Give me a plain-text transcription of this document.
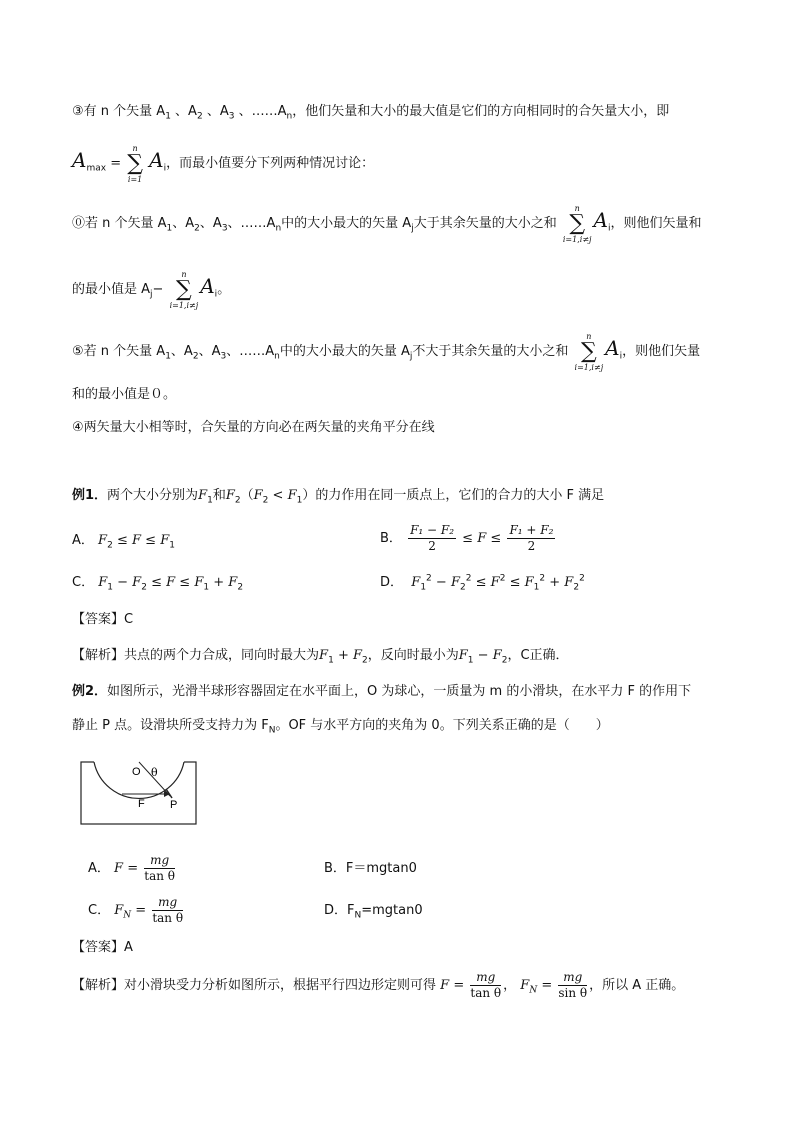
③有 n 个矢量 $A_1$ 、$A_2$ 、$A_3$ 、$\dots\dots A_n$，他们矢量和大小的最大值是它们的方向相同时的合矢量大小，即
$A_{max}$ =
n
∑
i=1
$A_i$，而最小值要分下列两种情况讨论：
⓪若 n 个矢量 $A_1$、$A_2$、$A_3$、$\dots\dots A_n$中的大小最大的矢量 $A_j$大于其余矢量的大小之和
n
∑
i=1,i≠j
$A_i$，则他们矢量和
的最小值是 $A_j-$
n
∑
i=1,i≠j
$A_i$。
⑤若 n 个矢量 $A_1$、$A_2$、$A_3$、$\dots\dots A_n$中的大小最大的矢量 $A_j$不大于其余矢量的大小之和
n
∑
i=1,i≠j
$A_i$，则他们矢量
和的最小值是０。
④两矢量大小相等时，合矢量的方向必在两矢量的夹角平分在线
例1．两个大小分别为$F_1$和$F_2(F_2 < F_1)$的力作用在同一质点上，它们的合力的大小 F 满足
A． $F_2 \le F \le F_1$	B． $\frac{\text{F₁ − F₂}}{2} \le F \le \frac{\text{F₁ + F₂}}{2}$
C． $F_1 - F_2 \le F \le F_1 + F_2$	D． $F_1^2 - F_2^2 \le F^2 \le F_1^2 + F_2^2$
【答案】C
【解析】共点的两个力合成，同向时最大为$F_1 + F_2$，反向时最小为$F_1 - F_2$，C正确．
例2．如图所示，光滑半球形容器固定在水平面上，O 为球心，一质量为 m 的小滑块，在水平力 F 的作用下
静止 P 点。设滑块所受支持力为 $F_N$。OF 与水平方向的夹角为 0。下列关系正确的是（　　）
O θ
F P
A． $F = \frac{mg}{\text{tan θ}}$	B．F＝mgtan0
C． $F_N = \frac{mg}{\text{tan θ}}$	D．$F_N=mgtan0$
【答案】A
【解析】对小滑块受力分析如图所示，根据平行四边形定则可得 $F = \frac{mg}{\text{tan θ}}$ ， $F_N = \frac{mg}{\text{sin θ}}$ ，所以 A 正确。
